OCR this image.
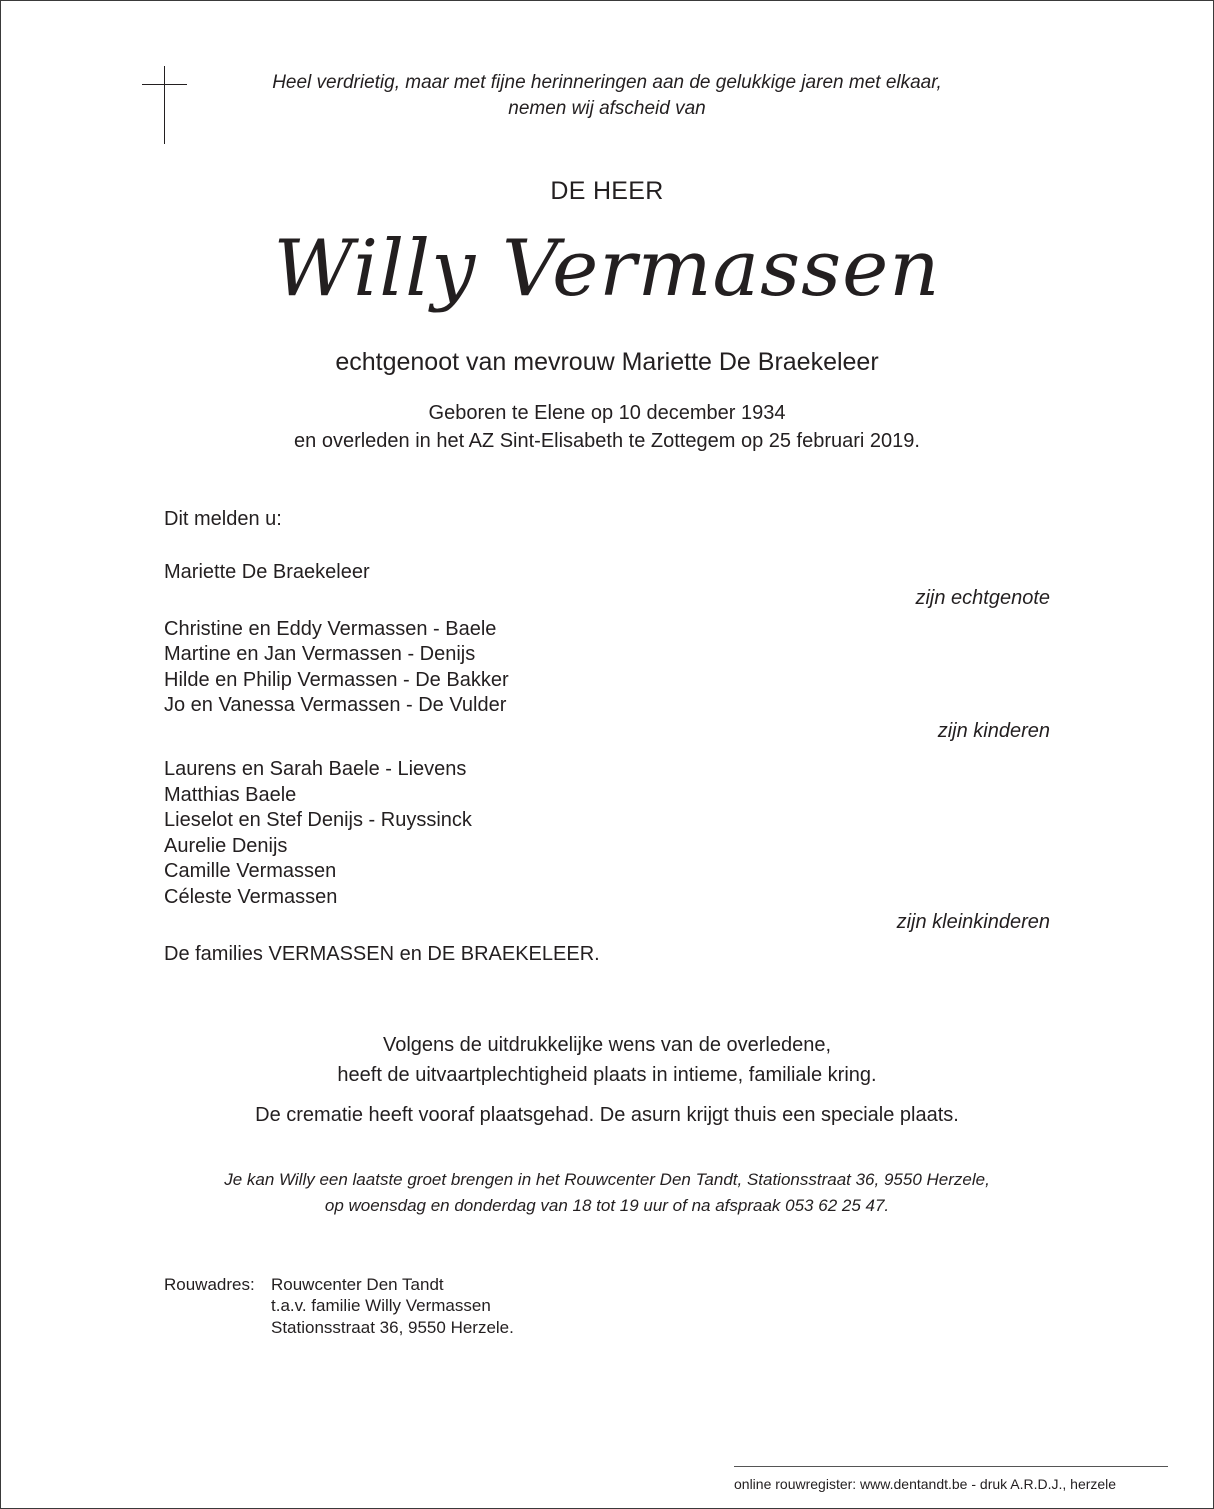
Heel verdrietig, maar met fijne herinneringen aan de gelukkige jaren met elkaar,
nemen wij afscheid van
DE HEER
Willy Vermassen
echtgenoot van mevrouw Mariette De Braekeleer
Geboren te Elene op 10 december 1934
en overleden in het AZ Sint-Elisabeth te Zottegem op 25 februari 2019.
Dit melden u:
Mariette De Braekeleer
zijn echtgenote
Christine en Eddy Vermassen - Baele
Martine en Jan Vermassen - Denijs
Hilde en Philip Vermassen - De Bakker
Jo en Vanessa Vermassen - De Vulder
zijn kinderen
Laurens en Sarah Baele - Lievens
Matthias Baele
Lieselot en Stef Denijs - Ruyssinck
Aurelie Denijs
Camille Vermassen
Céleste Vermassen
zijn kleinkinderen
De families VERMASSEN en DE BRAEKELEER.
Volgens de uitdrukkelijke wens van de overledene,
heeft de uitvaartplechtigheid plaats in intieme, familiale kring.
De crematie heeft vooraf plaatsgehad. De asurn krijgt thuis een speciale plaats.
Je kan Willy een laatste groet brengen in het Rouwcenter Den Tandt, Stationsstraat 36, 9550 Herzele,
op woensdag en donderdag van 18 tot 19 uur of na afspraak 053 62 25 47.
Rouwadres: Rouwcenter Den Tandt
t.a.v. familie Willy Vermassen
Stationsstraat 36, 9550 Herzele.
online rouwregister: www.dentandt.be - druk A.R.D.J., herzele
